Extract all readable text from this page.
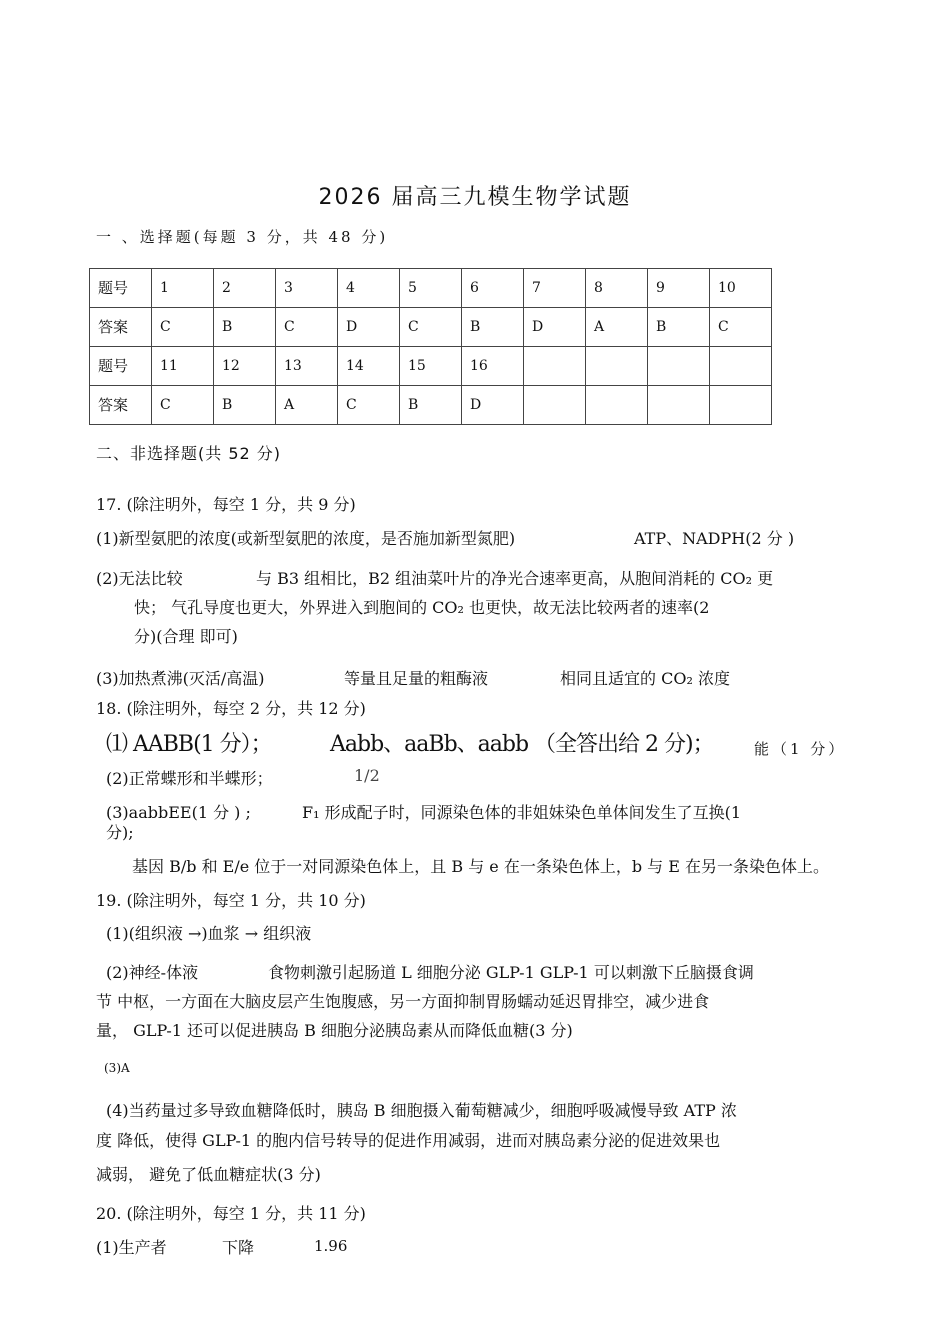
2026 届高三九模生物学试题
一 、选择题(每题 3 分，共 48 分)
题号	1	2	3	4	5	6	7	8	9	10
答案	C	B	C	D	C	B	D	A	B	C
题号	11	12	13	14	15	16				
答案	C	B	A	C	B	D				
二、非选择题(共 52 分)
17. (除注明外，每空 1 分，共 9 分)
(1)新型氨肥的浓度(或新型氨肥的浓度，是否施加新型氮肥)	ATP、NADPH(2 分 )
(2)无法比较	与 B3 组相比，B2 组油菜叶片的净光合速率更高，从胞间消耗的 CO₂ 更
快； 气孔导度也更大，外界进入到胞间的 CO₂ 也更快，故无法比较两者的速率(2
分)(合理 即可)
(3)加热煮沸(灭活/高温)	等量且足量的粗酶液	相同且适宜的 CO₂ 浓度
18. (除注明外，每空 2 分，共 12 分)
⑴ AABB(1 分）；	Aabb、aaBb、aabb （全答出给 2 分)；	能（1 分）
(2)正常蝶形和半蝶形；	1/2
(3)aabbEE(1 分 ) ;	F₁ 形成配子时，同源染色体的非姐妹染色单体间发生了互换(1
分);
基因 B/b 和 E/e 位于一对同源染色体上，且 B 与 e 在一条染色体上，b 与 E 在另一条染色体上。
19. (除注明外，每空 1 分，共 10 分)
(1)(组织液 →)血浆 → 组织液
(2)神经-体液	食物刺激引起肠道 L 细胞分泌 GLP-1 GLP-1 可以刺激下丘脑摄食调
节 中枢，一方面在大脑皮层产生饱腹感，另一方面抑制胃肠蠕动延迟胃排空，减少进食
量， GLP-1 还可以促进胰岛 B 细胞分泌胰岛素从而降低血糖(3 分)
(3)A
(4)当药量过多导致血糖降低时，胰岛 B 细胞摄入葡萄糖减少，细胞呼吸减慢导致 ATP 浓
度 降低，使得 GLP-1 的胞内信号转导的促进作用减弱，进而对胰岛素分泌的促进效果也
减弱， 避免了低血糖症状(3 分)
20. (除注明外，每空 1 分，共 11 分)
(1)生产者	下降	1.96
